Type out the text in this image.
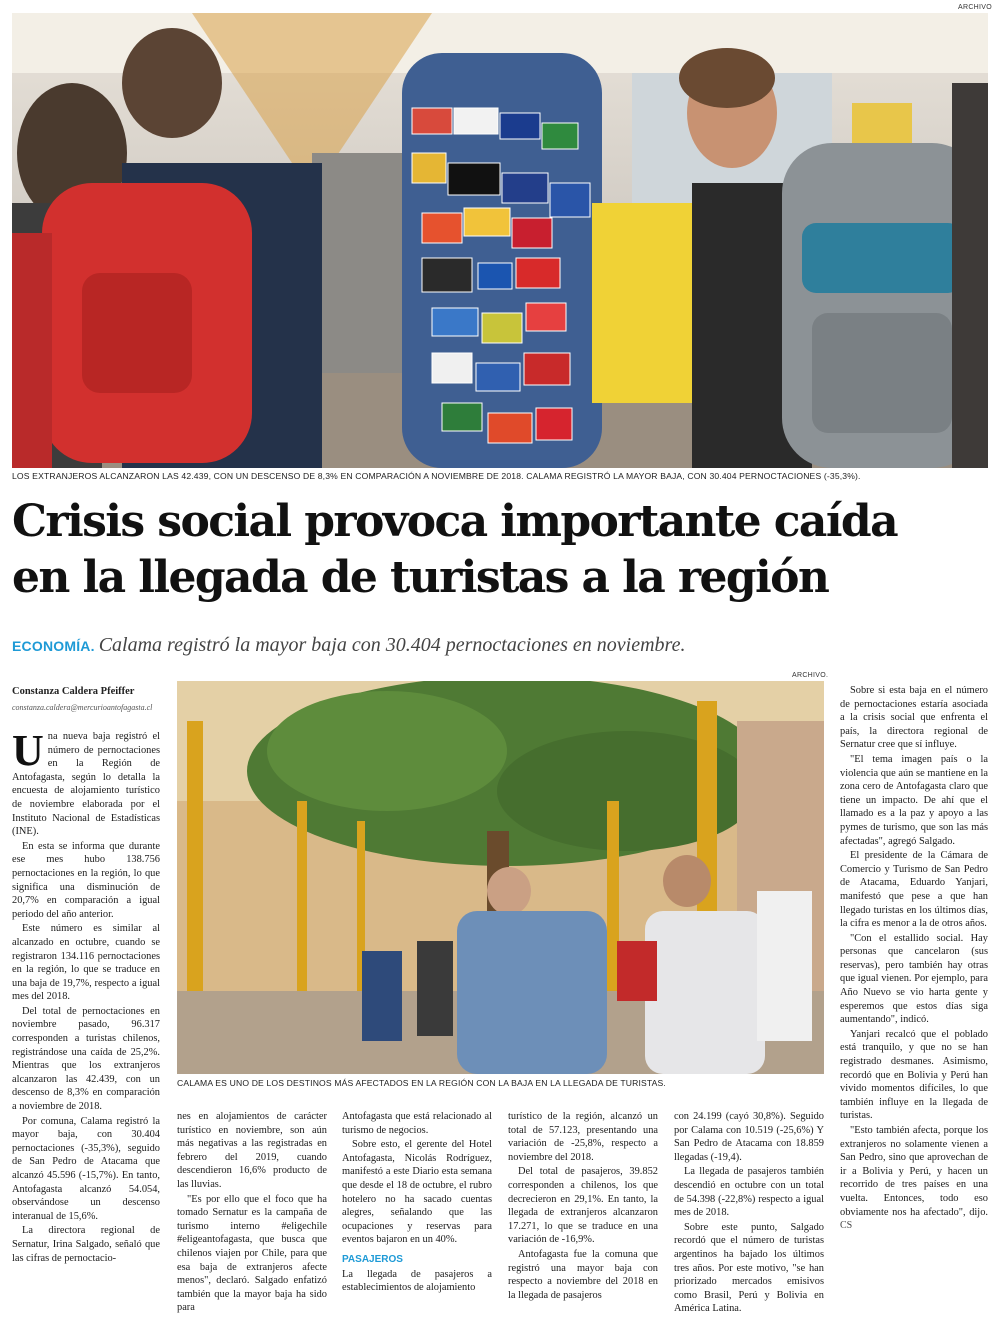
ARCHIVO
LOS EXTRANJEROS ALCANZARON LAS 42.439, CON UN DESCENSO DE 8,3% EN COMPARACIÓN A NOVIEMBRE DE 2018. CALAMA REGISTRÓ LA MAYOR BAJA, CON 30.404 PERNOCTACIONES (-35,3%).
Crisis social provoca importante caída
en la llegada de turistas a la región
ECONOMÍA. Calama registró la mayor baja con 30.404 pernoctaciones en noviembre.
Constanza Caldera Pfeiffer
constanza.caldera@mercurioantofagasta.cl
ARCHIVO.
CALAMA ES UNO DE LOS DESTINOS MÁS AFECTADOS EN LA REGIÓN CON LA BAJA EN LA LLEGADA DE TURISTAS.

Una nueva baja registró el número de pernoctaciones en la Región de Antofagasta, según lo detalla la encuesta de alojamiento turístico de noviembre elaborada por el Instituto Nacional de Estadísticas (INE).

En esta se informa que durante ese mes hubo 138.756 pernoctaciones en la región, lo que significa una disminución de 20,7% en comparación a igual periodo del año anterior.

Este número es similar al alcanzado en octubre, cuando se registraron 134.116 pernoctaciones en la región, lo que se traduce en una baja de 19,7%, respecto a igual mes del 2018.

Del total de pernoctaciones en noviembre pasado, 96.317 corresponden a turistas chilenos, registrándose una caída de 25,2%. Mientras que los extranjeros alcanzaron las 42.439, con un descenso de 8,3% en comparación a noviembre de 2018.

Por comuna, Calama registró la mayor baja, con 30.404 pernoctaciones (-35,3%), seguido de San Pedro de Atacama que alcanzó 45.596 (-15,7%). En tanto, Antofagasta alcanzó 54.054, observándose un descenso interanual de 15,6%.

La directora regional de Sernatur, Irina Salgado, señaló que las cifras de pernoctacio-

nes en alojamientos de carácter turístico en noviembre, son aún más negativas a las registradas en febrero del 2019, cuando descendieron 16,6% producto de las lluvias.

"Es por ello que el foco que ha tomado Sernatur es la campaña de turismo interno #eligechile #eligeantofagasta, que busca que chilenos viajen por Chile, para que esa baja de extranjeros afecte menos", declaró. Salgado enfatizó también que la mayor baja ha sido para

Antofagasta que está relacionado al turismo de negocios.

Sobre esto, el gerente del Hotel Antofagasta, Nicolás Rodríguez, manifestó a este Diario esta semana que desde el 18 de octubre, el rubro hotelero no ha sacado cuentas alegres, señalando que las ocupaciones y reservas para eventos bajaron en un 40%.

PASAJEROS

La llegada de pasajeros a establecimientos de alojamiento

turístico de la región, alcanzó un total de 57.123, presentando una variación de -25,8%, respecto a noviembre del 2018.

Del total de pasajeros, 39.852 corresponden a chilenos, los que decrecieron en 29,1%. En tanto, la llegada de extranjeros alcanzaron 17.271, lo que se traduce en una variación de -16,9%.

Antofagasta fue la comuna que registró una mayor baja con respecto a noviembre del 2018 en la llegada de pasajeros

con 24.199 (cayó 30,8%). Seguido por Calama con 10.519 (-25,6%) Y San Pedro de Atacama con 18.859 llegadas (-19,4).

La llegada de pasajeros también descendió en octubre con un total de 54.398 (-22,8%) respecto a igual mes de 2018.

Sobre este punto, Salgado recordó que el número de turistas argentinos ha bajado los últimos tres años. Por este motivo, "se han priorizado mercados emisivos como Brasil, Perú y Bolivia en América Latina.

Sobre si esta baja en el número de pernoctaciones estaría asociada a la crisis social que enfrenta el país, la directora regional de Sernatur cree que sí influye.

"El tema imagen país o la violencia que aún se mantiene en la zona cero de Antofagasta claro que tiene un impacto. De ahí que el llamado es a la paz y apoyo a las pymes de turismo, que son las más afectadas", agregó Salgado.

El presidente de la Cámara de Comercio y Turismo de San Pedro de Atacama, Eduardo Yanjari, manifestó que pese a que han llegado turistas en los últimos días, la cifra es menor a la de otros años.

"Con el estallido social. Hay personas que cancelaron (sus reservas), pero también hay otras que igual vienen. Por ejemplo, para Año Nuevo se vio harta gente y esperemos que estos días siga aumentando", indicó.

Yanjari recalcó que el poblado está tranquilo, y que no se han registrado desmanes. Asimismo, recordó que en Bolivia y Perú han vivido momentos difíciles, lo que también influye en la llegada de turistas.

"Esto también afecta, porque los extranjeros no solamente vienen a San Pedro, sino que aprovechan de ir a Bolivia y Perú, y hacen un recorrido de tres países en una vuelta. Entonces, todo eso obviamente nos ha afectado", dijo. CS
